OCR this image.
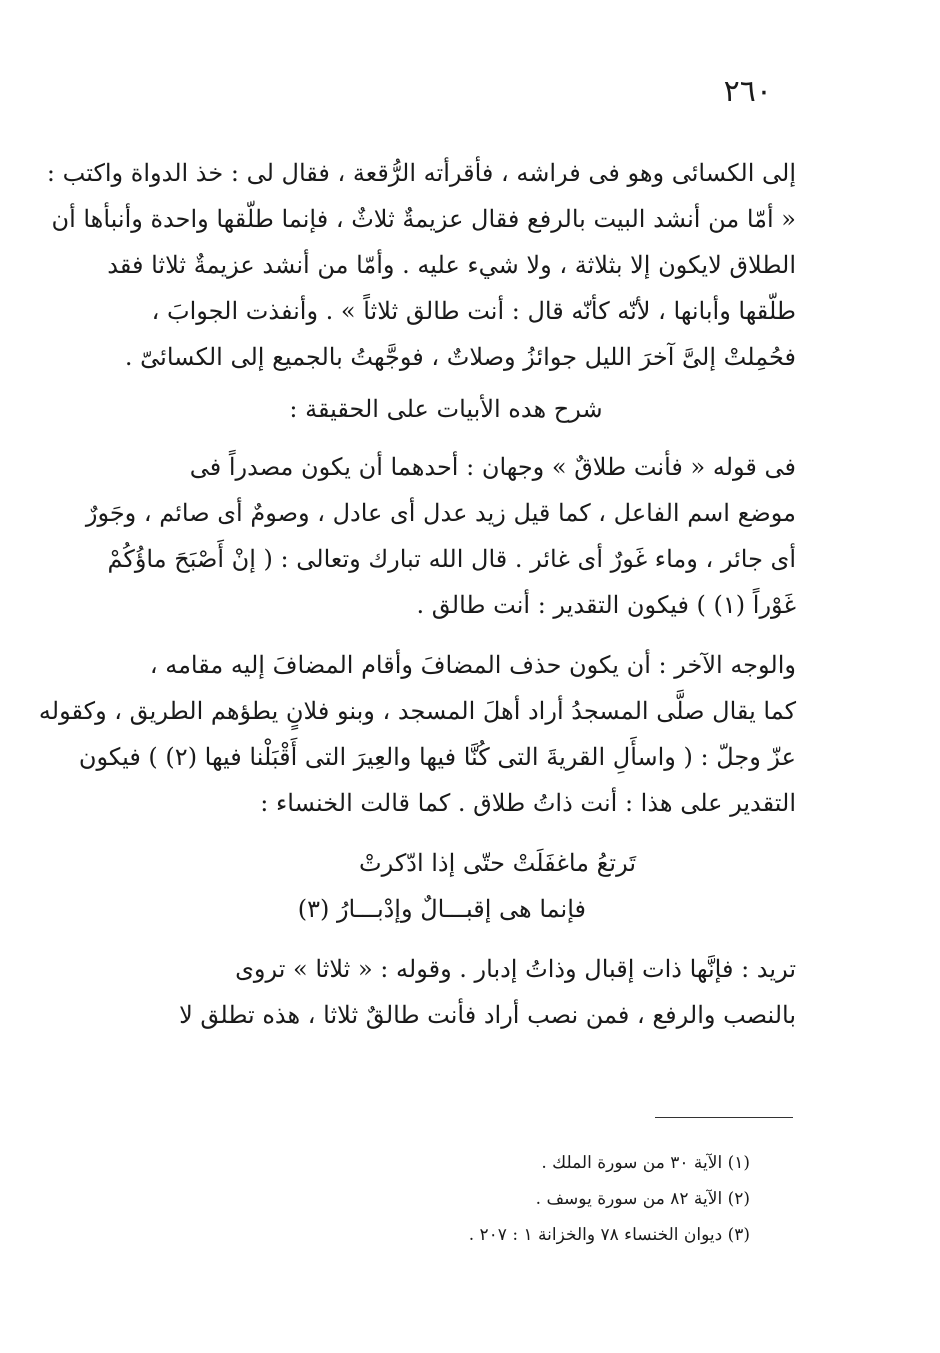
٢٦٠
إلى الكسائى وهو فى فراشه ، فأقرأته الرُّقعة ، فقال لى : خذ الدواة واكتب :
« أمّا من أنشد البيت بالرفع فقال عزيمةٌ ثلاثٌ ، فإنما طلّقها واحدة وأنبأها أن
الطلاق لايكون إلا بثلاثة ، ولا شيء عليه . وأمّا من أنشد عزيمةٌ ثلاثا فقد
طلّقها وأبانها ، لأنّه كأنّه قال : أنت طالق ثلاثاً » . وأنفذت الجوابَ ،
فحُمِلتْ إلىَّ آخرَ الليل جوائزُ وصلاتٌ ، فوجَّهتُ بالجميع إلى الكسائىّ .
شرح هده الأبيات على الحقيقة :
فى قوله « فأنت طلاقٌ » وجهان : أحدهما أن يكون مصدراً فى
موضع اسم الفاعل ، كما قيل زيد عدل أى عادل ، وصومٌ أى صائم ، وجَورٌ
أى جائر ، وماء غَورٌ أى غائر . قال الله تبارك وتعالى : ( إنْ أَصْبَحَ ماؤُكُمْ
غَوْراً (١) ) فيكون التقدير : أنت طالق .
والوجه الآخر : أن يكون حذف المضافَ وأقام المضافَ إليه مقامه ،
كما يقال صلَّى المسجدُ أراد أهلَ المسجد ، وبنو فلانٍ يطؤهم الطريق ، وكقوله
عزّ وجلّ : ( واسأَلِ القريةَ التى كُنَّا فيها والعِيرَ التى أَقْبَلْنا فيها (٢) ) فيكون
التقدير على هذا : أنت ذاتُ طلاق . كما قالت الخنساء :
تَرتعُ ماغفَلَتْ حتّى إذا ادّكرتْ
فإنما هى إقبـــالٌ وإدْبـــارُ (٣)
تريد : فإنَّها ذات إقبال وذاتُ إدبار . وقوله : « ثلاثا » تروى
بالنصب والرفع ، فمن نصب أراد فأنت طالقٌ ثلاثا ، هذه تطلق لا
(١) الآية ٣٠ من سورة الملك .
(٢) الآية ٨٢ من سورة يوسف .
(٣) ديوان الخنساء ٧٨ والخزانة ١ : ٢٠٧ .
